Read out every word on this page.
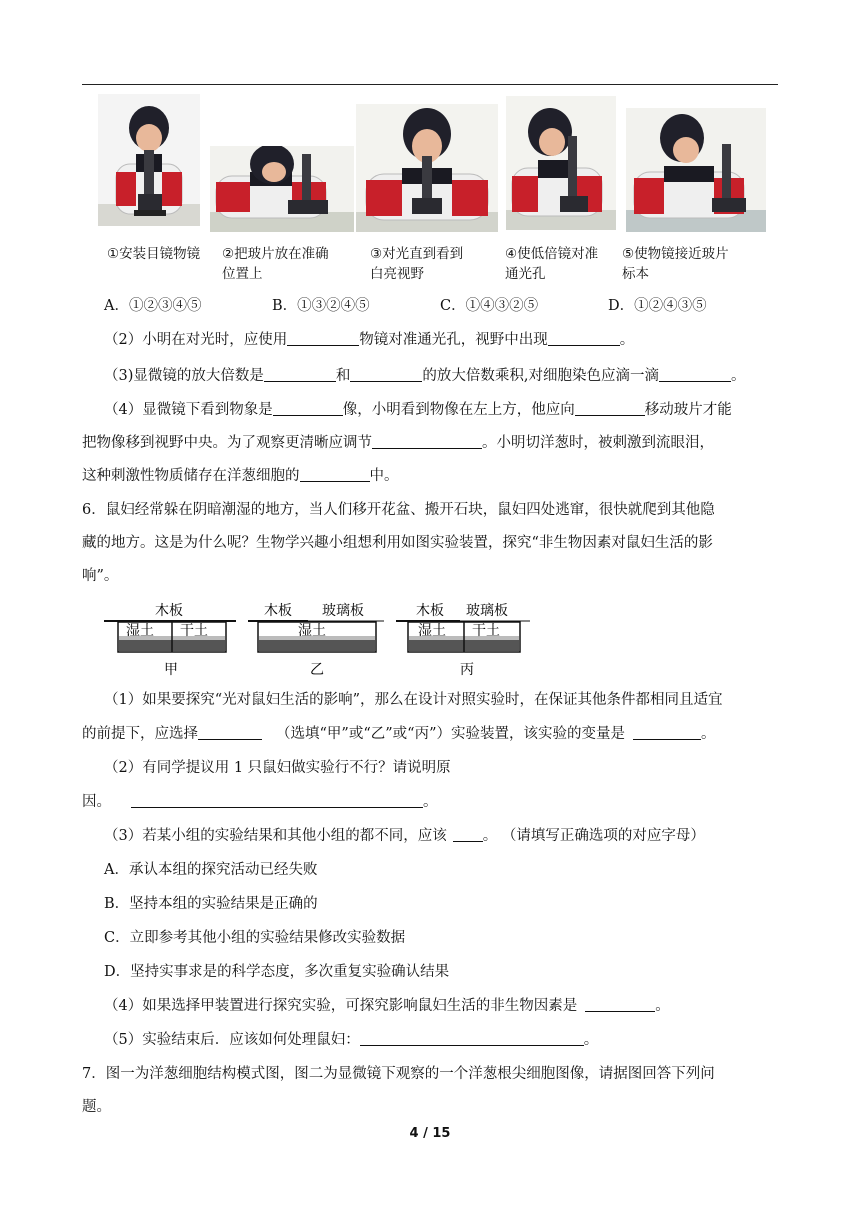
①安装目镜物镜 ②把玻片放在准确
位置上
③对光直到看到
白亮视野
④使低倍镜对准
通光孔
⑤使物镜接近玻片
标本
A．①②③④⑤	B．①③②④⑤	C．①④③②⑤	D．①②④③⑤
（2）小明在对光时，应使用	物镜对准通光孔，视野中出现	。
（3)显微镜的放大倍数是	和	的放大倍数乘积,对细胞染色应滴一滴	。
（4）显微镜下看到物象是	像，小明看到物像在左上方，他应向	移动玻片才能
把物像移到视野中央。为了观察更清晰应调节	。小明切洋葱时，被刺激到流眼泪，
这种刺激性物质储存在洋葱细胞的	中。
6．鼠妇经常躲在阴暗潮湿的地方，当人们移开花盆、搬开石块，鼠妇四处逃窜，很快就爬到其他隐
藏的地方。这是为什么呢？生物学兴趣小组想利用如图实验装置，探究“非生物因素对鼠妇生活的影
响”。
木板
湿土 干土
甲
木板 玻璃板
湿土
乙
木板 玻璃板
湿土 干土
丙
（1）如果要探究“光对鼠妇生活的影响”，那么在设计对照实验时，在保证其他条件都相同且适宜
的前提下，应选择	（选填“甲”或“乙”或“丙”）实验装置，该实验的变量是	。
（2）有同学提议用 1 只鼠妇做实验行不行？请说明原
因。	。
（3）若某小组的实验结果和其他小组的都不同，应该 。 （请填写正确选项的对应字母）
A．承认本组的探究活动已经失败
B．坚持本组的实验结果是正确的
C．立即参考其他小组的实验结果修改实验数据
D．坚持实事求是的科学态度，多次重复实验确认结果
（4）如果选择甲装置进行探究实验，可探究影响鼠妇生活的非生物因素是	。
（5）实验结束后．应该如何处理鼠妇：	。
7．图一为洋葱细胞结构模式图，图二为显微镜下观察的一个洋葱根尖细胞图像，请据图回答下列问
题。
4 / 15
